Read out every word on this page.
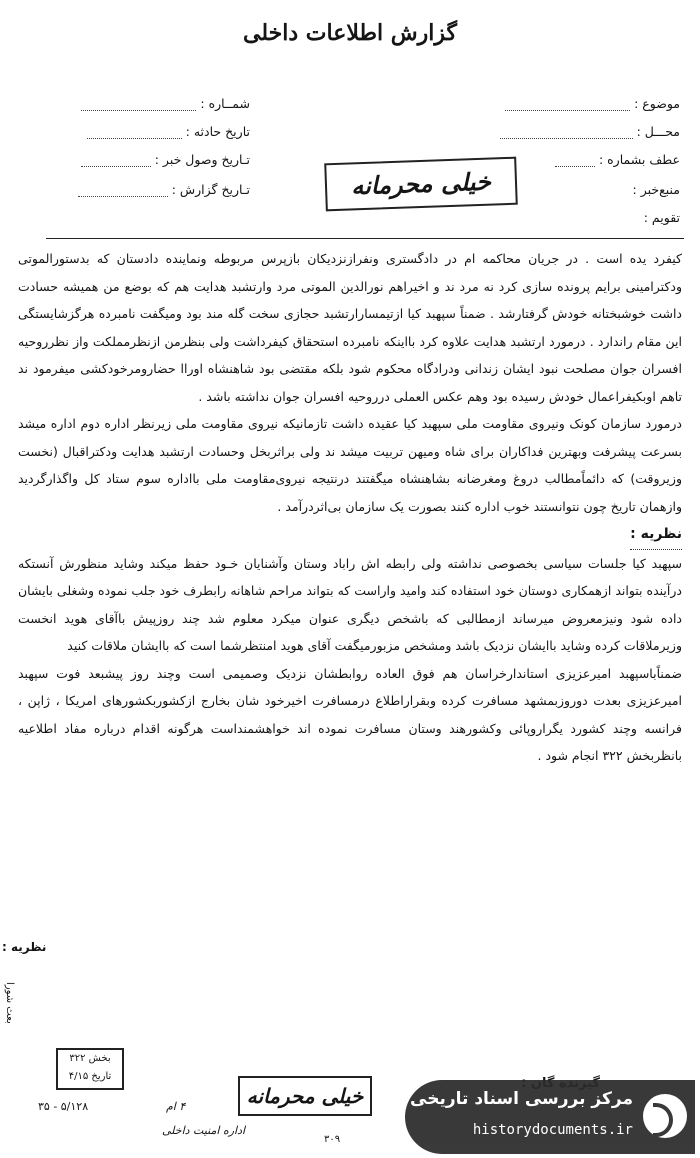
گزارش اطلاعات داخلی
موضوع :
محـــل :
عطف بشماره :
منبع‌خبر :
تقویم :
شمــاره :
تاریخ حادثه :
تـاریخ وصول خبر :
تـاریخ گزارش :	خیلی محرمانه

کیفرد یده است . در جریان محاکمه ام در دادگستری ونفرازنزدیکان بازپرس مربوطه ونماینده دادستان که بدستورالموتی ودکترامینی برایم پرونده سازی کرد نه مرد ند و اخیراهم نورالدین الموتی مرد وارتشبد هدایت هم که بوضع من همیشه حسادت داشت خوشبختانه خودش گرفتارشد . ضمناً سپهبد کیا ازتیمسارارتشبد حجازی سخت گله مند بود ومیگفت نامبرده هرگزشایستگی این مقام راندارد . درمورد ارتشبد هدایت علاوه کرد بااینکه نامبرده استحقاق کیفرداشت ولی بنظرمن ازنظرمملکت واز نظرروحیه افسران جوان مصلحت نبود ایشان زندانی ودرادگاه محکوم شود بلکه مقتضی بود شاهنشاه اوراا حضارومرخودکشی میفرمود ند تاهم اوبکیفراعمال خودش رسیده بود وهم عکس العملی درروحیه افسران جوان نداشته باشد .

درمورد سازمان کونک ونیروی مقاومت ملی سپهبد کیا عقیده داشت تازمانیکه نیروی مقاومت ملی زیرنظر اداره دوم اداره میشد بسرعت پیشرفت وبهترین فداکاران برای شاه وميهن تربيت ميشد ند ولی براثربخل وحسادت ارتشبد هدایت ودکتراقبال (نخست وزيروقت) که دائماًمطالب دروغ ومغرضانه بشاهنشاه میگفتند درنتیجه نیروی‌مقاومت ملی بااداره سوم ستاد کل واگذارگردید وازهمان تاریخ چون نتوانستند خوب اداره کنند بصورت یک سازمان بی‌اثردرآمد .

نظریه :

سپهبد کیا جلسات سیاسی بخصوصی نداشته ولی رابطه اش راباد وستان وآشنایان خـود حفظ میکند وشاید منظورش آنستکه درآینده بتواند ازهمکاری دوستان خود استفاده کند وامید واراست که بتواند مراحم شاهانه رابطرف خود جلب نموده وشغلی بایشان داده شود ونیزمعروض میرساند ازمطالبی که باشخص دیگری عنوان میکرد معلوم شد چند روزپیش باآقای هويد انخست وزیرملاقات کرده وشاید باایشان نزدیک باشد ومشخص مزبورمیگفت آقای هويد امنتظرشما است که باایشان ملاقات کنید

ضمناًباسپهبد اميرعزيزی استاندارخراسان هم فوق العاده روابطشان نزديک وصميمی است وچند روز پیشبعد فوت سپهبد اميرعزيزی بعدت دوروزبمشهد مسافرت کرده وبقراراطلاع درمسافرت اخیرخود شان بخارج ازکشوربکشورهای امریکا ، ژاپن ، فرانسه وچند کشورد یگراروپائی وکشورهند وستان مسافرت نموده اند خواهشمنداست هرگونه اقدام درباره مفاد اطلاعیه بانظربخش ۳۲۲ انجام شود .

نظریه :
بعث شورا
بخش ۳۲۲
تاریخ ۴/۱۵
خیلی محرمانه
۳۵ - ۵/۱۲۸	۴ ام
اداره امنیت داخلی
۳۰۹
مرکز بررسی اسناد تاریخی
historydocuments.ir
